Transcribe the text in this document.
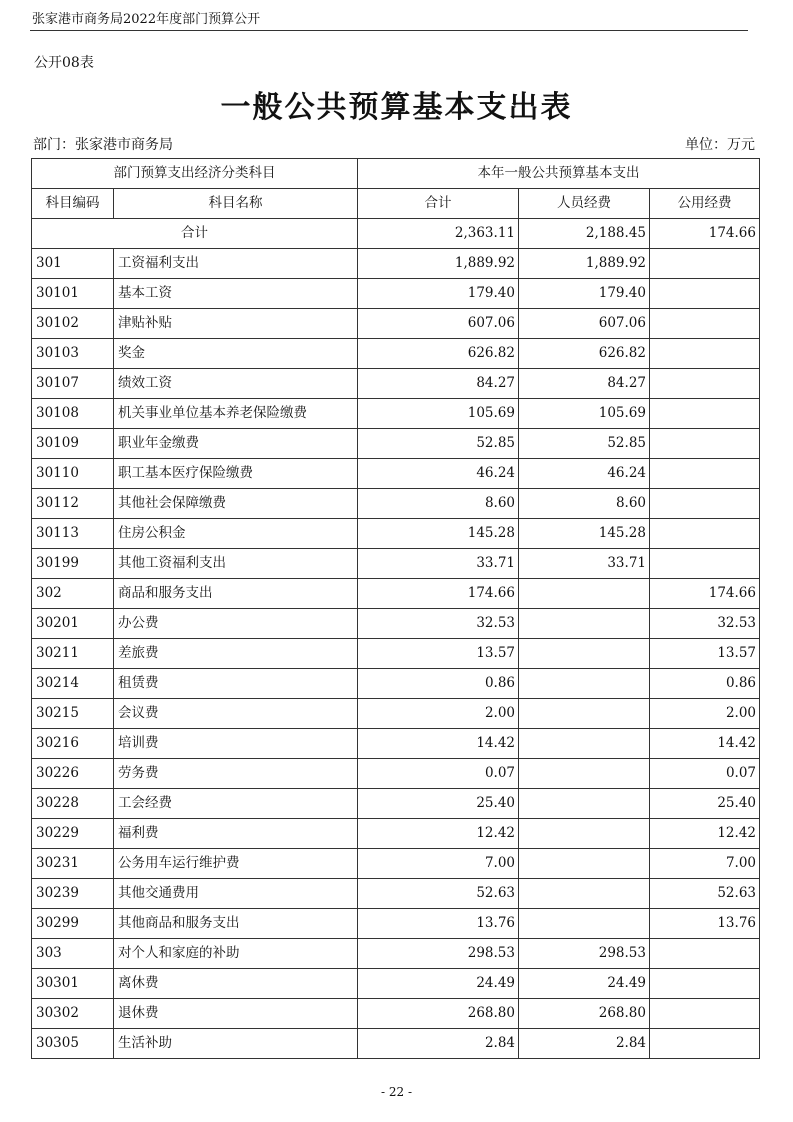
张家港市商务局2022年度部门预算公开
公开08表
一般公共预算基本支出表
部门：张家港市商务局	单位：万元
部门预算支出经济分类科目		本年一般公共预算基本支出		
科目编码	科目名称	合计	人员经费	公用经费
合计		2,363.11	2,188.45	174.66
301	工资福利支出	1,889.92	1,889.92	
30101	基本工资	179.40	179.40	
30102	津贴补贴	607.06	607.06	
30103	奖金	626.82	626.82	
30107	绩效工资	84.27	84.27	
30108	机关事业单位基本养老保险缴费	105.69	105.69	
30109	职业年金缴费	52.85	52.85	
30110	职工基本医疗保险缴费	46.24	46.24	
30112	其他社会保障缴费	8.60	8.60	
30113	住房公积金	145.28	145.28	
30199	其他工资福利支出	33.71	33.71	
302	商品和服务支出	174.66		174.66
30201	办公费	32.53		32.53
30211	差旅费	13.57		13.57
30214	租赁费	0.86		0.86
30215	会议费	2.00		2.00
30216	培训费	14.42		14.42
30226	劳务费	0.07		0.07
30228	工会经费	25.40		25.40
30229	福利费	12.42		12.42
30231	公务用车运行维护费	7.00		7.00
30239	其他交通费用	52.63		52.63
30299	其他商品和服务支出	13.76		13.76
303	对个人和家庭的补助	298.53	298.53	
30301	离休费	24.49	24.49	
30302	退休费	268.80	268.80	
30305	生活补助	2.84	2.84	
- 22 -
